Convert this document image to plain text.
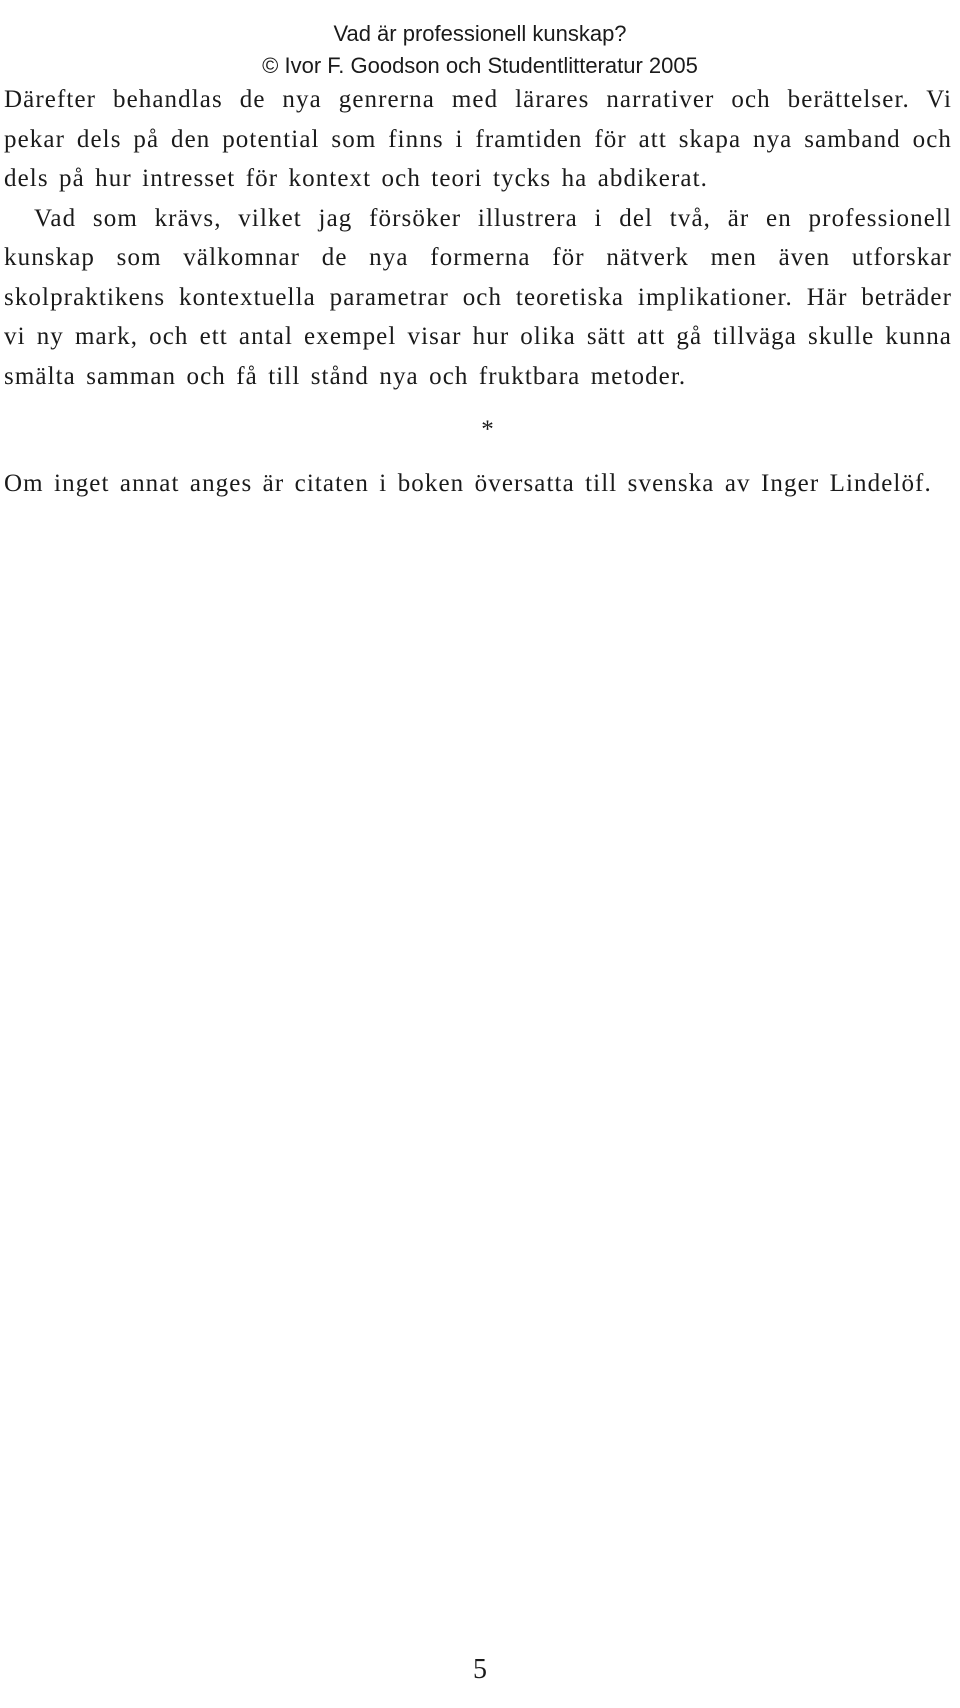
Vad är professionell kunskap?
© Ivor F. Goodson och Studentlitteratur 2005

Därefter behandlas de nya genrerna med lärares narrativer och berättelser. Vi pekar dels på den potential som finns i framtiden för att skapa nya samband och dels på hur intresset för kontext och teori tycks ha abdikerat.

Vad som krävs, vilket jag försöker illustrera i del två, är en professionell kunskap som välkomnar de nya formerna för nätverk men även utforskar skolpraktikens kontextuella parametrar och teoretiska implikationer. Här beträder vi ny mark, och ett antal exempel visar hur olika sätt att gå tillväga skulle kunna smälta samman och få till stånd nya och fruktbara metoder.

*

Om inget annat anges är citaten i boken översatta till svenska av Inger Lindelöf.

5
